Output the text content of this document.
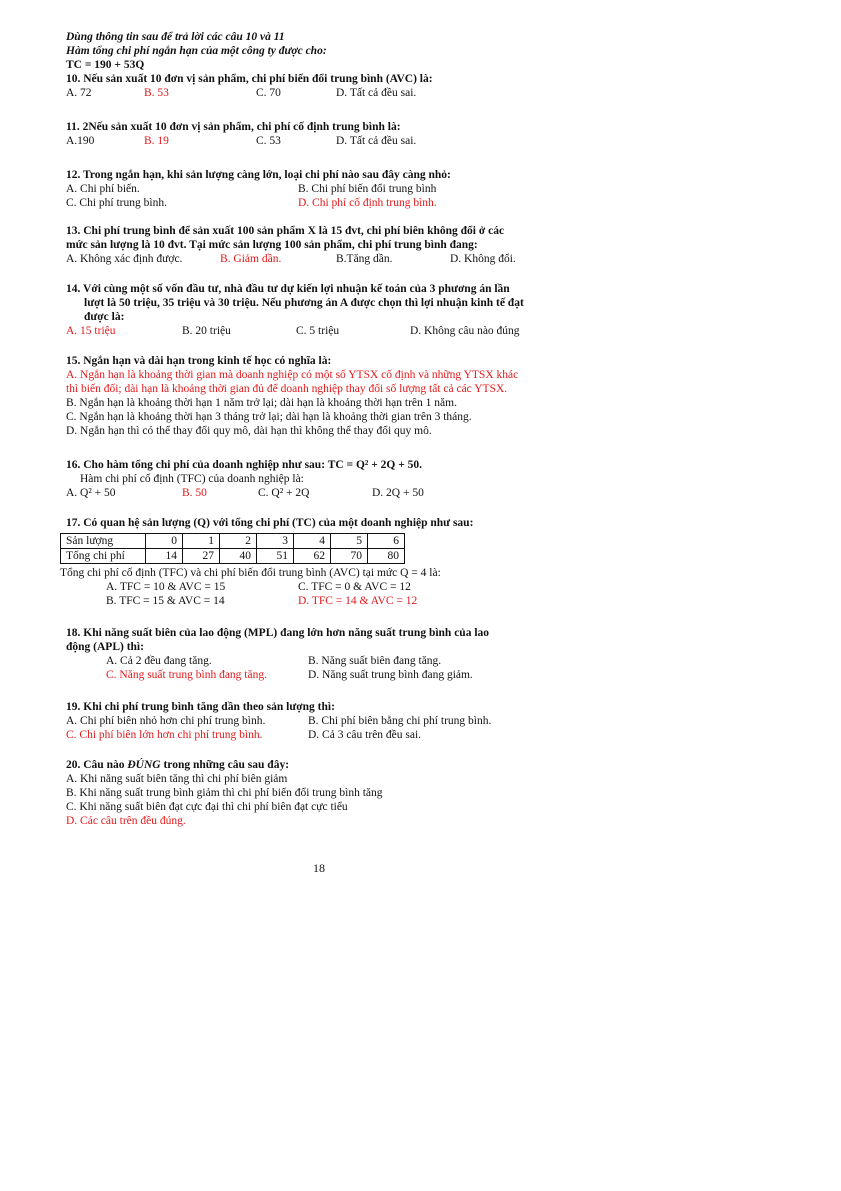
Dùng thông tin sau để trả lời các câu 10 và 11
Hàm tổng chi phí ngắn hạn của một công ty được cho:
TC = 190 + 53Q
10. Nếu sản xuất 10 đơn vị sản phẩm, chi phí biến đổi trung bình (AVC) là:
A. 72	B. 53	C. 70	D. Tất cả đều sai.
11. 2Nếu sản xuất 10 đơn vị sản phẩm, chi phí cố định trung bình là:
A.190	B. 19	C. 53	D. Tất cả đều sai.
12. Trong ngắn hạn, khi sản lượng càng lớn, loại chi phí nào sau đây càng nhỏ:
A. Chi phí biến.	B. Chi phí biến đổi trung bình
C. Chi phí trung bình.	D. Chi phí cố định trung bình.
13. Chi phí trung bình để sản xuất 100 sản phẩm X là 15 đvt, chi phí biên không đổi ở các
mức sản lượng là 10 đvt. Tại mức sản lượng 100 sản phẩm, chi phí trung bình đang:
A. Không xác định được.	B. Giảm dần.	B.Tăng dần.	D. Không đổi.
14. Với cùng một số vốn đầu tư, nhà đầu tư dự kiến lợi nhuận kế toán của 3 phương án lần
lượt là 50 triệu, 35 triệu và 30 triệu. Nếu phương án A được chọn thì lợi nhuận kinh tế đạt
được là:
A. 15 triệu	B. 20 triệu	C. 5 triệu	D. Không câu nào đúng
15. Ngắn hạn và dài hạn trong kinh tế học có nghĩa là:
A. Ngắn hạn là khoảng thời gian mà doanh nghiệp có một số YTSX cố định và những YTSX khác
thì biến đổi; dài hạn là khoảng thời gian đủ để doanh nghiệp thay đổi số lượng tất cả các YTSX.
B. Ngắn hạn là khoảng thời hạn 1 năm trở lại; dài hạn là khoảng thời hạn trên 1 năm.
C. Ngắn hạn là khoảng thời hạn 3 tháng trở lại; dài hạn là khoảng thời gian trên 3 tháng.
D. Ngắn hạn thì có thể thay đổi quy mô, dài hạn thì không thể thay đổi quy mô.
16. Cho hàm tổng chi phí của doanh nghiệp như sau: TC = Q² + 2Q + 50.
Hàm chi phí cố định (TFC) của doanh nghiệp là:
A. Q² + 50	B. 50	C. Q² + 2Q	D. 2Q + 50
17. Có quan hệ sản lượng (Q) với tổng chi phí (TC) của một doanh nghiệp như sau:
Sản lượng	0	1	2	3	4	5	6
Tổng chi phí	14	27	40	51	62	70	80
Tổng chi phí cố định (TFC) và chi phí biến đổi trung bình (AVC) tại mức Q = 4 là:
A. TFC = 10 & AVC = 15	C. TFC = 0 & AVC = 12
B. TFC = 15 & AVC = 14	D. TFC = 14 & AVC = 12
18. Khi năng suất biên của lao động (MPL) đang lớn hơn năng suất trung bình của lao
động (APL) thì:
A. Cả 2 đều đang tăng.	B. Năng suất biên đang tăng.
C. Năng suất trung bình đang tăng.	D. Năng suất trung bình đang giảm.
19. Khi chi phí trung bình tăng dần theo sản lượng thì:
A. Chi phí biên nhỏ hơn chi phí trung bình.	B. Chi phí biên bằng chi phí trung bình.
C. Chi phí biên lớn hơn chi phí trung bình.	D. Cả 3 câu trên đều sai.
20. Câu nào ĐÚNG trong những câu sau đây:
A. Khi năng suất biên tăng thì chi phí biên giảm
B. Khi năng suất trung bình giảm thì chi phí biến đổi trung bình tăng
C. Khi năng suất biên đạt cực đại thì chi phí biên đạt cực tiểu
D. Các câu trên đều đúng.
18
